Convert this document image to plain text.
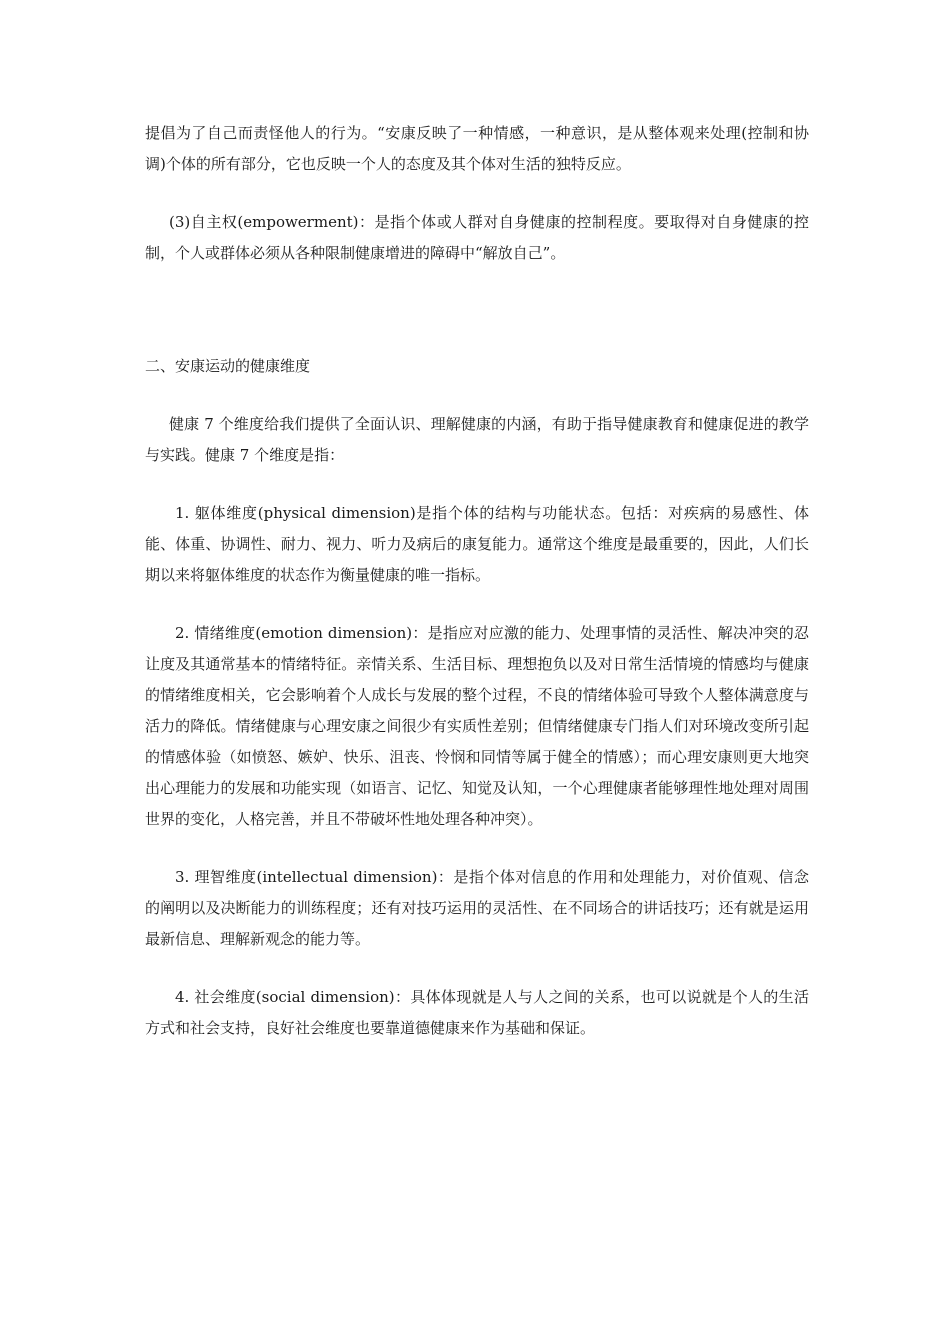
提倡为了自己而责怪他人的行为。“安康反映了一种情感，一种意识，是从整体观来处理(控制和协调)个体的所有部分，它也反映一个人的态度及其个体对生活的独特反应。

(3)自主权(empowerment)：是指个体或人群对自身健康的控制程度。要取得对自身健康的控制，个人或群体必须从各种限制健康增进的障碍中“解放自己”。

二、安康运动的健康维度

健康 7 个维度给我们提供了全面认识、理解健康的内涵，有助于指导健康教育和健康促进的教学与实践。健康 7 个维度是指：

1. 躯体维度(physical dimension)是指个体的结构与功能状态。包括：对疾病的易感性、体能、体重、协调性、耐力、视力、听力及病后的康复能力。通常这个维度是最重要的，因此，人们长期以来将躯体维度的状态作为衡量健康的唯一指标。

2. 情绪维度(emotion dimension)：是指应对应激的能力、处理事情的灵活性、解决冲突的忍让度及其通常基本的情绪特征。亲情关系、生活目标、理想抱负以及对日常生活情境的情感均与健康的情绪维度相关，它会影响着个人成长与发展的整个过程，不良的情绪体验可导致个人整体满意度与活力的降低。情绪健康与心理安康之间很少有实质性差别；但情绪健康专门指人们对环境改变所引起的情感体验（如愤怒、嫉妒、快乐、沮丧、怜悯和同情等属于健全的情感）；而心理安康则更大地突出心理能力的发展和功能实现（如语言、记忆、知觉及认知，一个心理健康者能够理性地处理对周围世界的变化，人格完善，并且不带破坏性地处理各种冲突）。

3. 理智维度(intellectual dimension)：是指个体对信息的作用和处理能力，对价值观、信念的阐明以及决断能力的训练程度；还有对技巧运用的灵活性、在不同场合的讲话技巧；还有就是运用最新信息、理解新观念的能力等。

4. 社会维度(social dimension)：具体体现就是人与人之间的关系，也可以说就是个人的生活方式和社会支持，良好社会维度也要靠道德健康来作为基础和保证。
